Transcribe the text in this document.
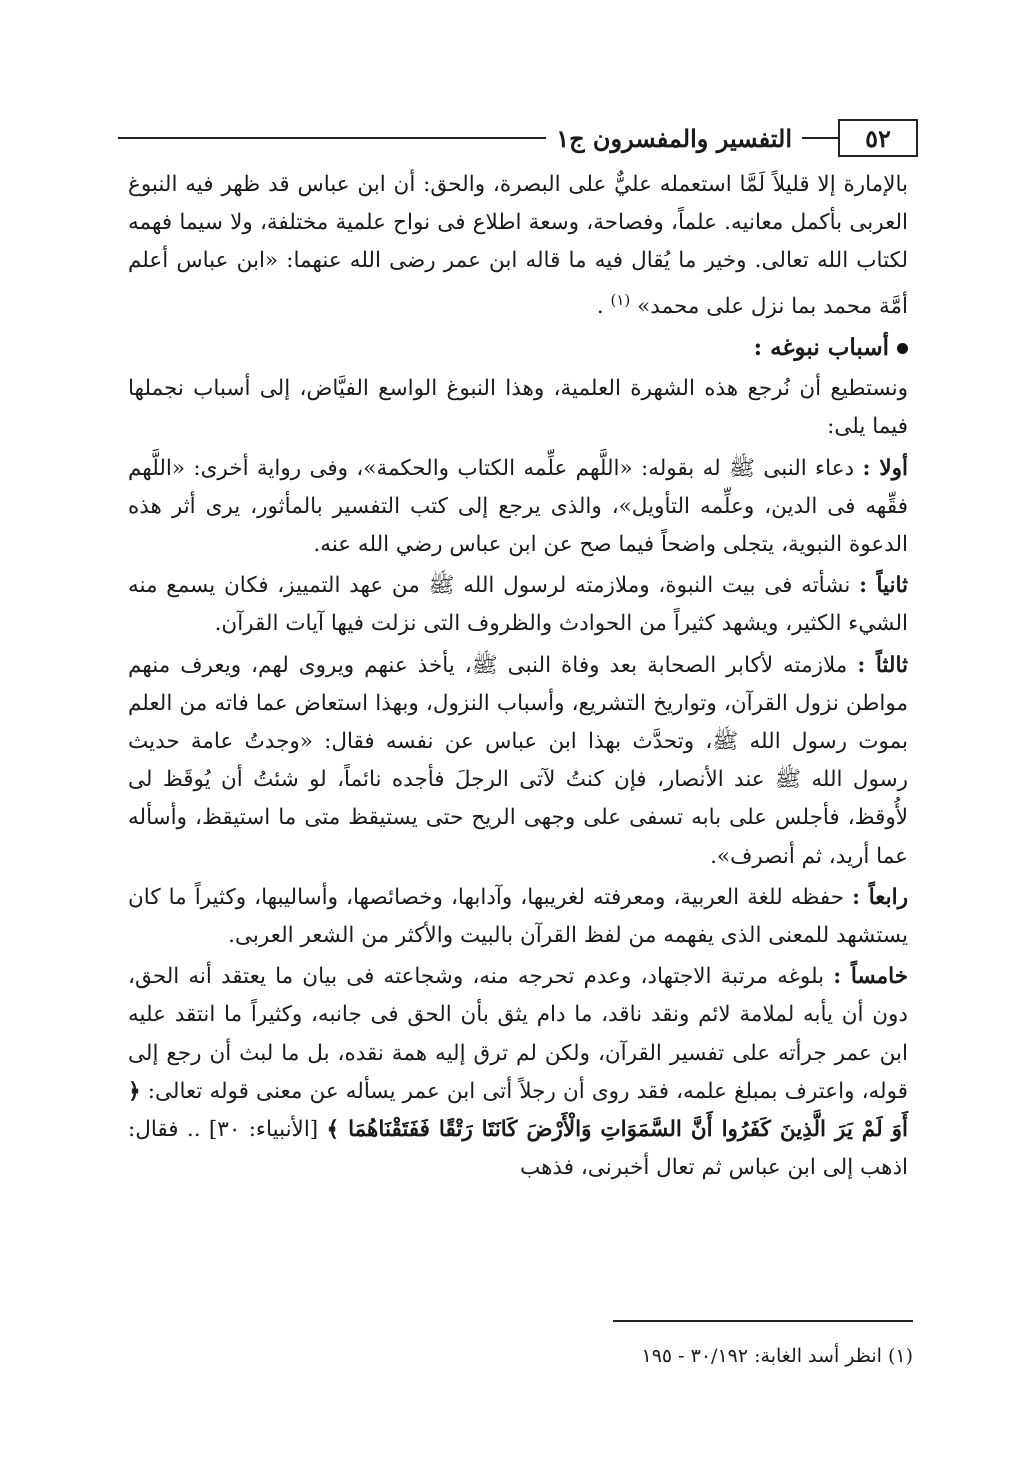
٥٢
التفسير والمفسرون ج١

بالإمارة إلا قليلاً لَمَّا استعمله عليٌّ على البصرة، والحق: أن ابن عباس قد ظهر فيه النبوغ العربى بأكمل معانيه. علماً، وفصاحة، وسعة اطلاع فى نواح علمية مختلفة، ولا سيما فهمه لكتاب الله تعالى. وخير ما يُقال فيه ما قاله ابن عمر رضى الله عنهما: «ابن عباس أعلم أمَّة محمد بما نزل على محمد» $^{(١)}$ .

أسباب نبوغه :

ونستطيع أن نُرجع هذه الشهرة العلمية، وهذا النبوغ الواسع الفيَّاض، إلى أسباب نجملها فيما يلى:

أولا : دعاء النبى ﷺ له بقوله: «اللَّهم علِّمه الكتاب والحكمة»، وفى رواية أخرى: «اللَّهم فقِّهه فى الدين، وعلِّمه التأويل»، والذى يرجع إلى كتب التفسير بالمأثور، يرى أثر هذه الدعوة النبوية، يتجلى واضحاً فيما صح عن ابن عباس رضي الله عنه.

ثانياً : نشأته فى بيت النبوة، وملازمته لرسول الله ﷺ من عهد التمييز، فكان يسمع منه الشيء الكثير، ويشهد كثيراً من الحوادث والظروف التى نزلت فيها آيات القرآن.

ثالثاً : ملازمته لأكابر الصحابة بعد وفاة النبى ﷺ، يأخذ عنهم ويروى لهم، ويعرف منهم مواطن نزول القرآن، وتواريخ التشريع، وأسباب النزول، وبهذا استعاض عما فاته من العلم بموت رسول الله ﷺ، وتحدَّث بهذا ابن عباس عن نفسه فقال: «وجدتُ عامة حديث رسول الله ﷺ عند الأنصار، فإن كنتُ لآتى الرجلَ فأجده نائماً، لو شئتُ أن يُوقَظ لى لأُوقظ، فأجلس على بابه تسفى على وجهى الريح حتى يستيقظ متى ما استيقظ، وأسأله عما أريد، ثم أنصرف».

رابعاً : حفظه للغة العربية، ومعرفته لغريبها، وآدابها، وخصائصها، وأساليبها، وكثيراً ما كان يستشهد للمعنى الذى يفهمه من لفظ القرآن بالبيت والأكثر من الشعر العربى.

خامساً : بلوغه مرتبة الاجتهاد، وعدم تحرجه منه، وشجاعته فى بيان ما يعتقد أنه الحق، دون أن يأبه لملامة لائم ونقد ناقد، ما دام يثق بأن الحق فى جانبه، وكثيراً ما انتقد عليه ابن عمر جرأته على تفسير القرآن، ولكن لم ترق إليه همة نقده، بل ما لبث أن رجع إلى قوله، واعترف بمبلغ علمه، فقد روى أن رجلاً أتى ابن عمر يسأله عن معنى قوله تعالى: ﴿ أَوَ لَمْ يَرَ الَّذِينَ كَفَرُوا أَنَّ السَّمَوَاتِ وَالْأَرْضَ كَانَتَا رَتْقًا فَفَتَقْنَاهُمَا ﴾ [الأنبياء: ٣٠] .. فقال: اذهب إلى ابن عباس ثم تعال أخبرنى، فذهب

(١) انظر أسد الغابة: ٣٠/١٩٢ - ١٩٥
